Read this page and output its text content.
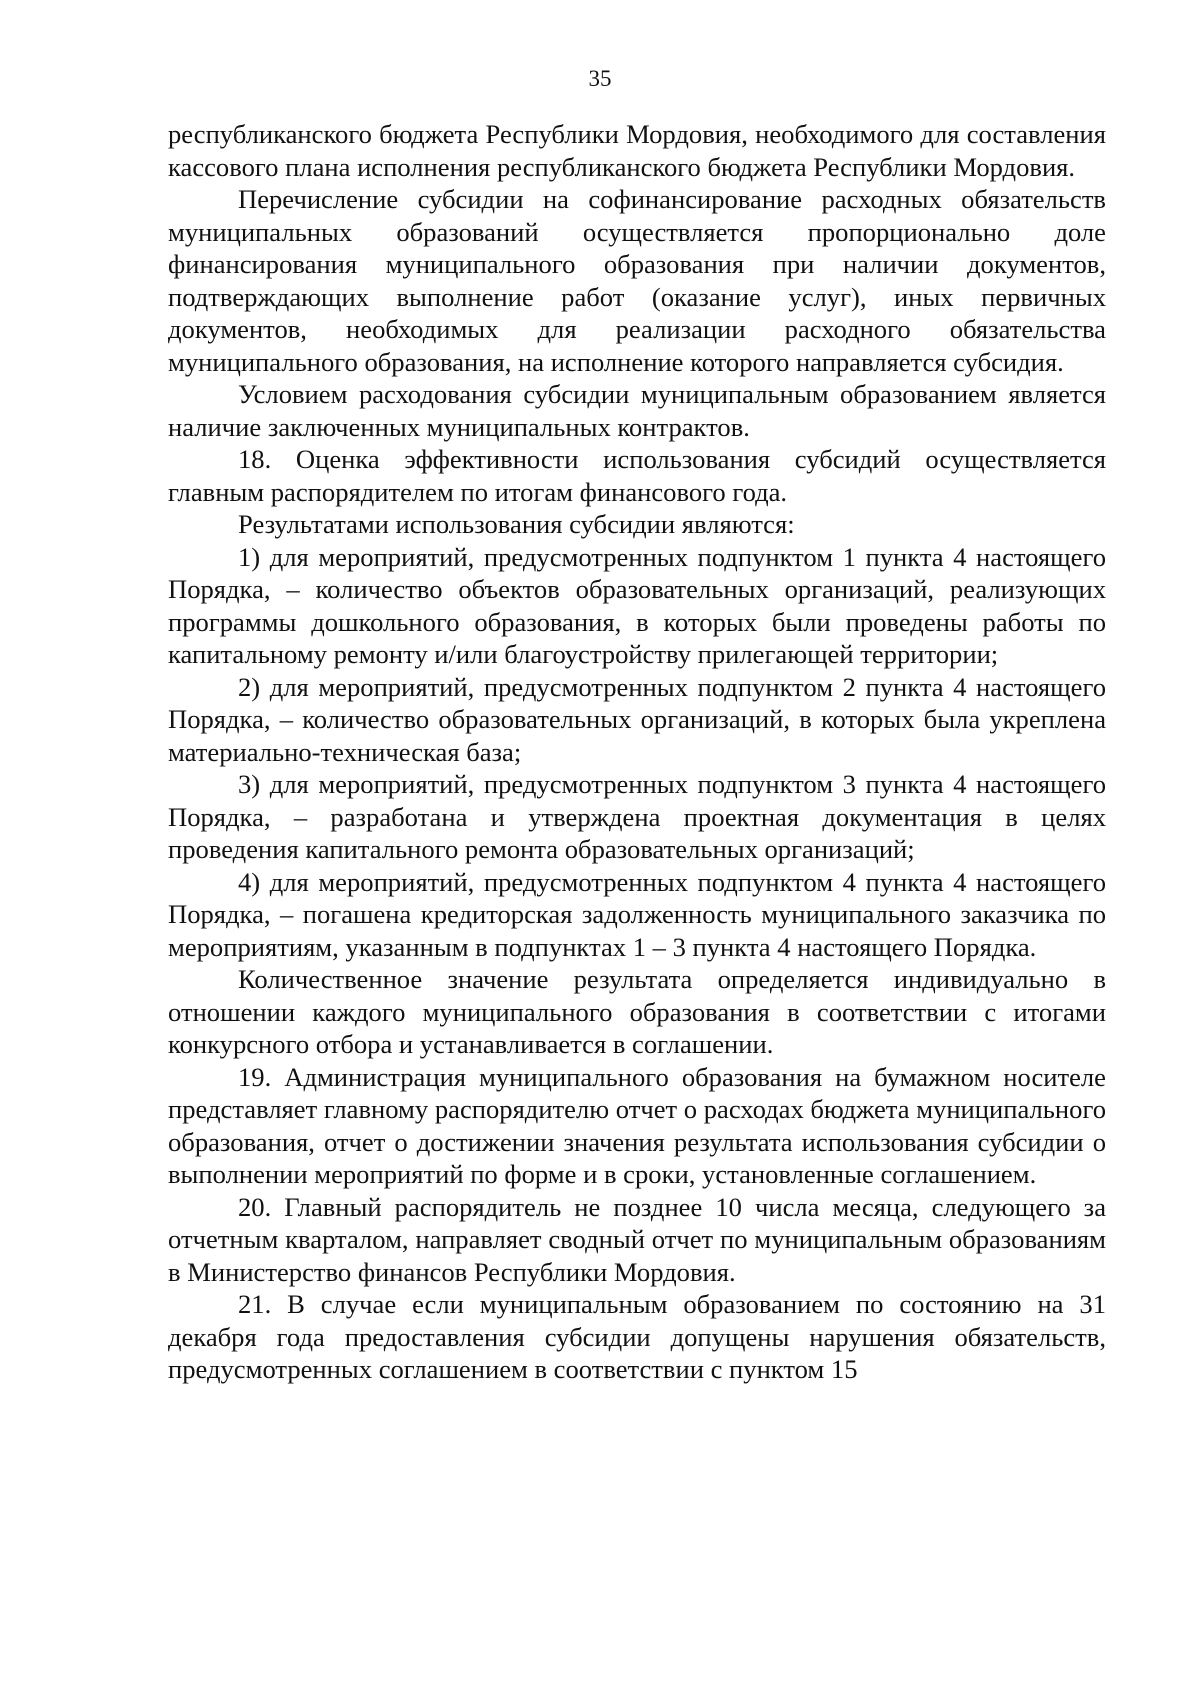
35

республиканского бюджета Республики Мордовия, необходимого для составления кассового плана исполнения республиканского бюджета Республики Мордовия.

Перечисление субсидии на софинансирование расходных обязательств муниципальных образований осуществляется пропорционально доле финансирования муниципального образования при наличии документов, подтверждающих выполнение работ (оказание услуг), иных первичных документов, необходимых для реализации расходного обязательства муниципального образования, на исполнение которого направляется субсидия.

Условием расходования субсидии муниципальным образованием является наличие заключенных муниципальных контрактов.

18. Оценка эффективности использования субсидий осуществляется главным распорядителем по итогам финансового года.

Результатами использования субсидии являются:

1) для мероприятий, предусмотренных подпунктом 1 пункта 4 настоящего Порядка, – количество объектов образовательных организаций, реализующих программы дошкольного образования, в которых были проведены работы по капитальному ремонту и/или благоустройству прилегающей территории;

2) для мероприятий, предусмотренных подпунктом 2 пункта 4 настоящего Порядка, – количество образовательных организаций, в которых была укреплена материально-техническая база;

3) для мероприятий, предусмотренных подпунктом 3 пункта 4 настоящего Порядка, – разработана и утверждена проектная документация в целях проведения капитального ремонта образовательных организаций;

4) для мероприятий, предусмотренных подпунктом 4 пункта 4 настоящего Порядка, – погашена кредиторская задолженность муниципального заказчика по мероприятиям, указанным в подпунктах 1 – 3 пункта 4 настоящего Порядка.

Количественное значение результата определяется индивидуально в отношении каждого муниципального образования в соответствии с итогами конкурсного отбора и устанавливается в соглашении.

19. Администрация муниципального образования на бумажном носителе представляет главному распорядителю отчет о расходах бюджета муниципального образования, отчет о достижении значения результата использования субсидии о выполнении мероприятий по форме и в сроки, установленные соглашением.

20. Главный распорядитель не позднее 10 числа месяца, следующего за отчетным кварталом, направляет сводный отчет по муниципальным образованиям в Министерство финансов Республики Мордовия.

21. В случае если муниципальным образованием по состоянию на 31 декабря года предоставления субсидии допущены нарушения обязательств, предусмотренных соглашением в соответствии с пунктом 15
